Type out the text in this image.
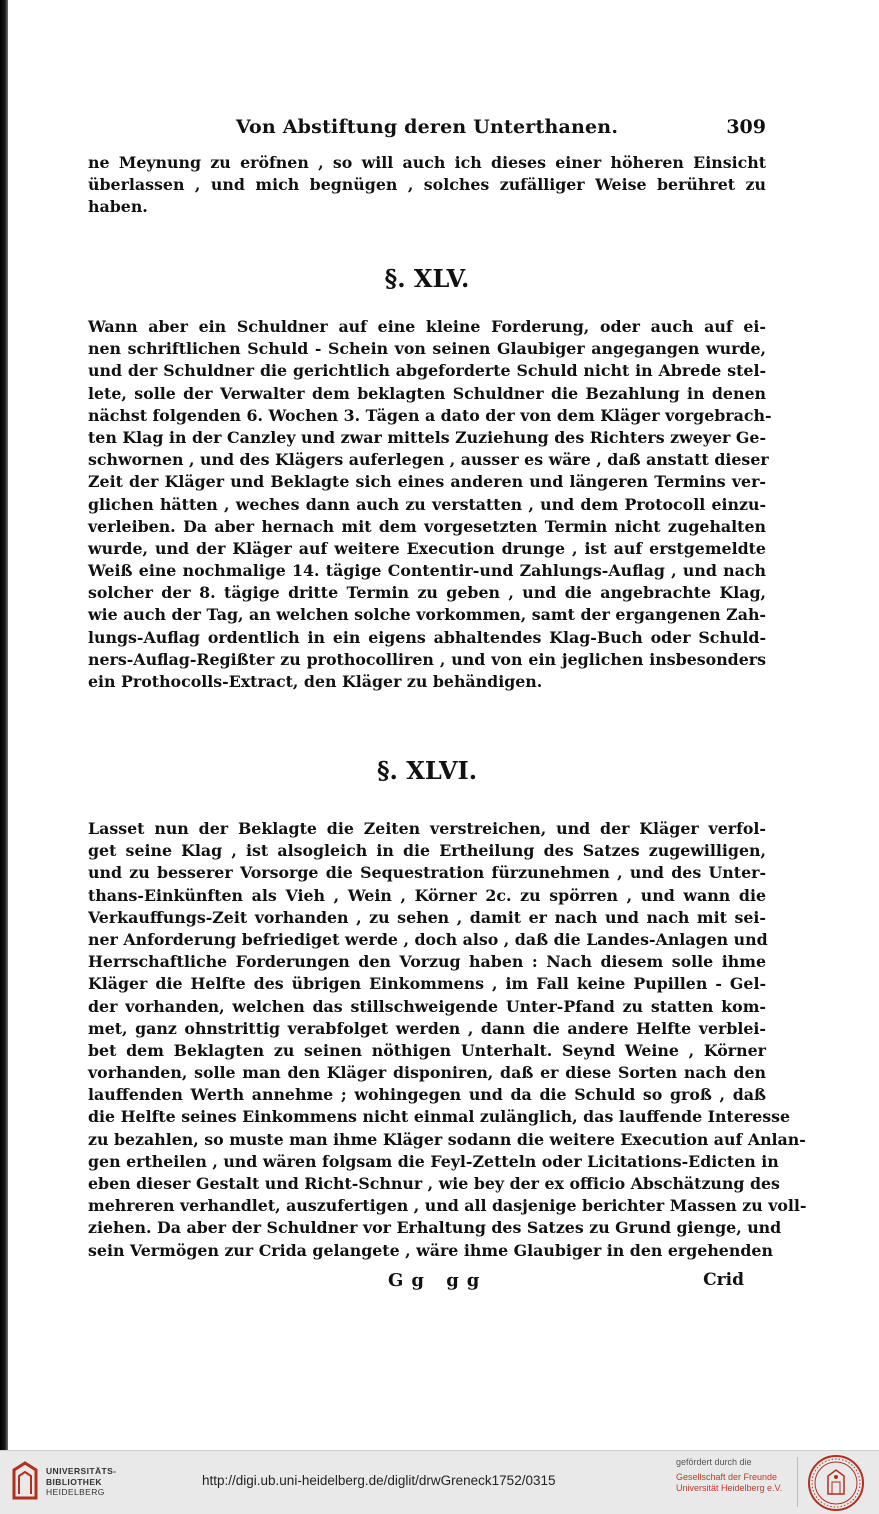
Von Abstiftung deren Unterthanen.	309
ne Meynung zu eröfnen , so will auch ich dieses einer höheren Einsicht
überlassen , und mich begnügen , solches zufälliger Weise berühret zu
haben.
§. XLV.
Wann aber ein Schuldner auf eine kleine Forderung, oder auch auf ei-
nen schriftlichen Schuld - Schein von seinen Glaubiger angegangen wurde,
und der Schuldner die gerichtlich abgeforderte Schuld nicht in Abrede stel-
lete, solle der Verwalter dem beklagten Schuldner die Bezahlung in denen
nächst folgenden 6. Wochen 3. Tägen a dato der von dem Kläger vorgebrach-
ten Klag in der Canzley und zwar mittels Zuziehung des Richters zweyer Ge-
schwornen , und des Klägers auferlegen , ausser es wäre , daß anstatt dieser
Zeit der Kläger und Beklagte sich eines anderen und längeren Termins ver-
glichen hätten , weches dann auch zu verstatten , und dem Protocoll einzu-
verleiben. Da aber hernach mit dem vorgesetzten Termin nicht zugehalten
wurde, und der Kläger auf weitere Execution drunge , ist auf erstgemeldte
Weiß eine nochmalige 14. tägige Contentir-und Zahlungs-Auflag , und nach
solcher der 8. tägige dritte Termin zu geben , und die angebrachte Klag,
wie auch der Tag, an welchen solche vorkommen, samt der ergangenen Zah-
lungs-Auflag ordentlich in ein eigens abhaltendes Klag-Buch oder Schuld-
ners-Auflag-Regißter zu prothocolliren , und von ein jeglichen insbesonders
ein Prothocolls-Extract, den Kläger zu behändigen.
§. XLVI.
Lasset nun der Beklagte die Zeiten verstreichen, und der Kläger verfol-
get seine Klag , ist alsogleich in die Ertheilung des Satzes zugewilligen,
und zu besserer Vorsorge die Sequestration fürzunehmen , und des Unter-
thans-Einkünften als Vieh , Wein , Körner 2c. zu spörren , und wann die
Verkauffungs-Zeit vorhanden , zu sehen , damit er nach und nach mit sei-
ner Anforderung befriediget werde , doch also , daß die Landes-Anlagen und
Herrschaftliche Forderungen den Vorzug haben : Nach diesem solle ihme
Kläger die Helfte des übrigen Einkommens , im Fall keine Pupillen - Gel-
der vorhanden, welchen das stillschweigende Unter-Pfand zu statten kom-
met, ganz ohnstrittig verabfolget werden , dann die andere Helfte verblei-
bet dem Beklagten zu seinen nöthigen Unterhalt. Seynd Weine , Körner
vorhanden, solle man den Kläger disponiren, daß er diese Sorten nach den
lauffenden Werth annehme ; wohingegen und da die Schuld so groß , daß
die Helfte seines Einkommens nicht einmal zulänglich, das lauffende Interesse
zu bezahlen, so muste man ihme Kläger sodann die weitere Execution auf Anlan-
gen ertheilen , und wären folgsam die Feyl-Zetteln oder Licitations-Edicten in
eben dieser Gestalt und Richt-Schnur , wie bey der ex officio Abschätzung des
mehreren verhandlet, auszufertigen , und all dasjenige berichter Massen zu voll-
ziehen. Da aber der Schuldner vor Erhaltung des Satzes zu Grund gienge, und
sein Vermögen zur Crida gelangete , wäre ihme Glaubiger in den ergehenden
Gg gg	Crid
UNIVERSITÄTS-
BIBLIOTHEK
HEIDELBERG
http://digi.ub.uni-heidelberg.de/diglit/drwGreneck1752/0315
gefördert durch die
Gesellschaft der Freunde
Universität Heidelberg e.V.
